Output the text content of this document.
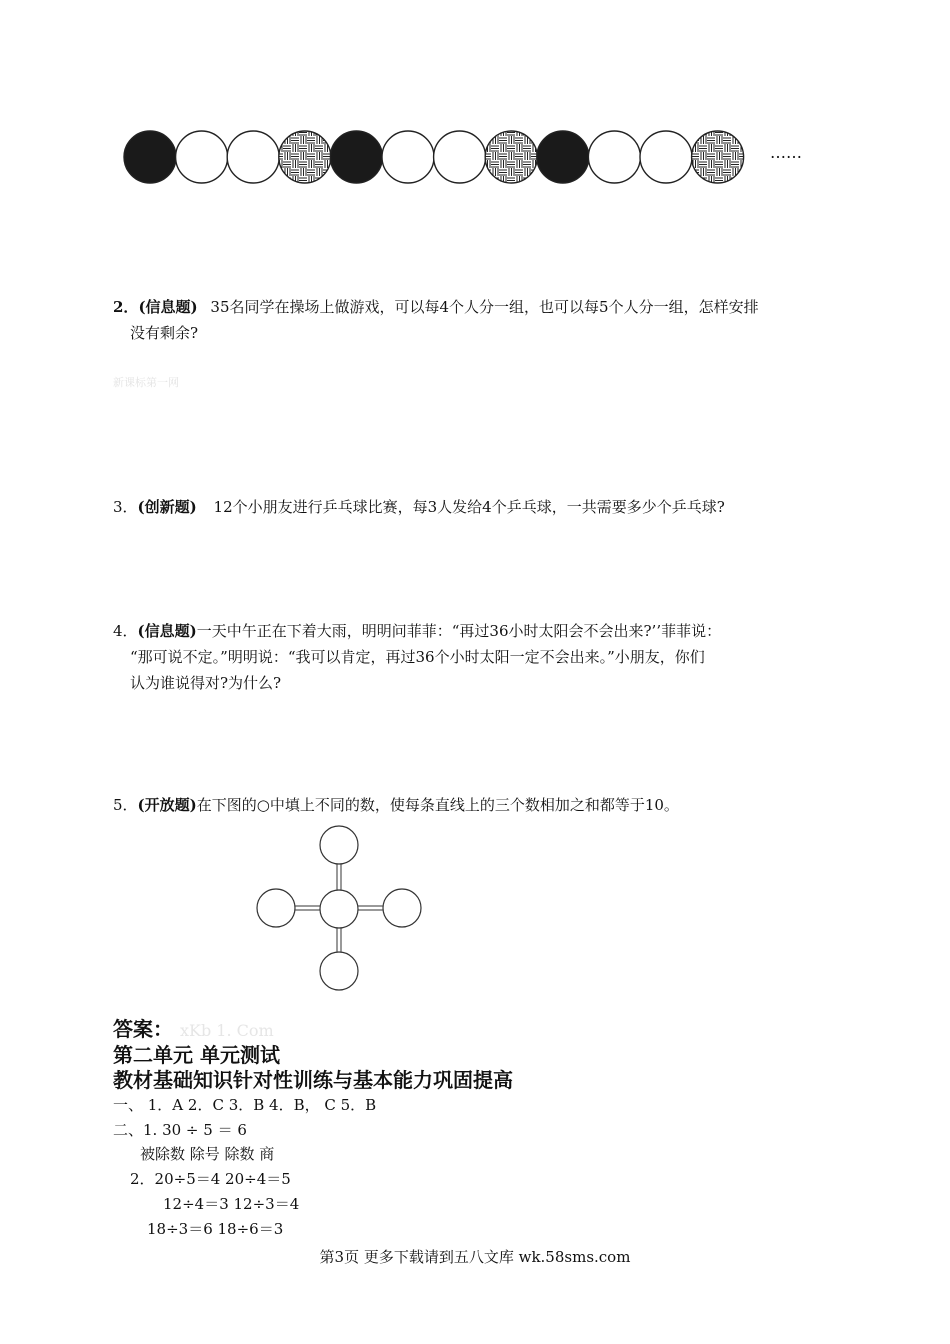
……
2．(信息题) 35名同学在操场上做游戏，可以每4个人分一组，也可以每5个人分一组，怎样安排
没有剩余?
新课标第一网
3．(创新题) 12个小朋友进行乒乓球比赛，每3人发给4个乒乓球，一共需要多少个乒乓球?
4．(信息题)一天中午正在下着大雨，明明问菲菲：“再过36小时太阳会不会出来?’’菲菲说：
“那可说不定。”明明说：“我可以肯定，再过36个小时太阳一定不会出来。”小朋友，你们
认为谁说得对?为什么?
5．(开放题)在下图的○中填上不同的数，使每条直线上的三个数相加之和都等于10。
答案： xKb 1. Com
第二单元 单元测试
教材基础知识针对性训练与基本能力巩固提高
一、 1．A 2．C 3．B 4．B， C 5．B
二、1. 30 ÷ 5 ＝ 6
被除数 除号 除数 商
2．20÷5＝4 20÷4＝5
12÷4＝3 12÷3＝4
18÷3＝6 18÷6＝3
第3页 更多下载请到五八文库 wk.58sms.com
